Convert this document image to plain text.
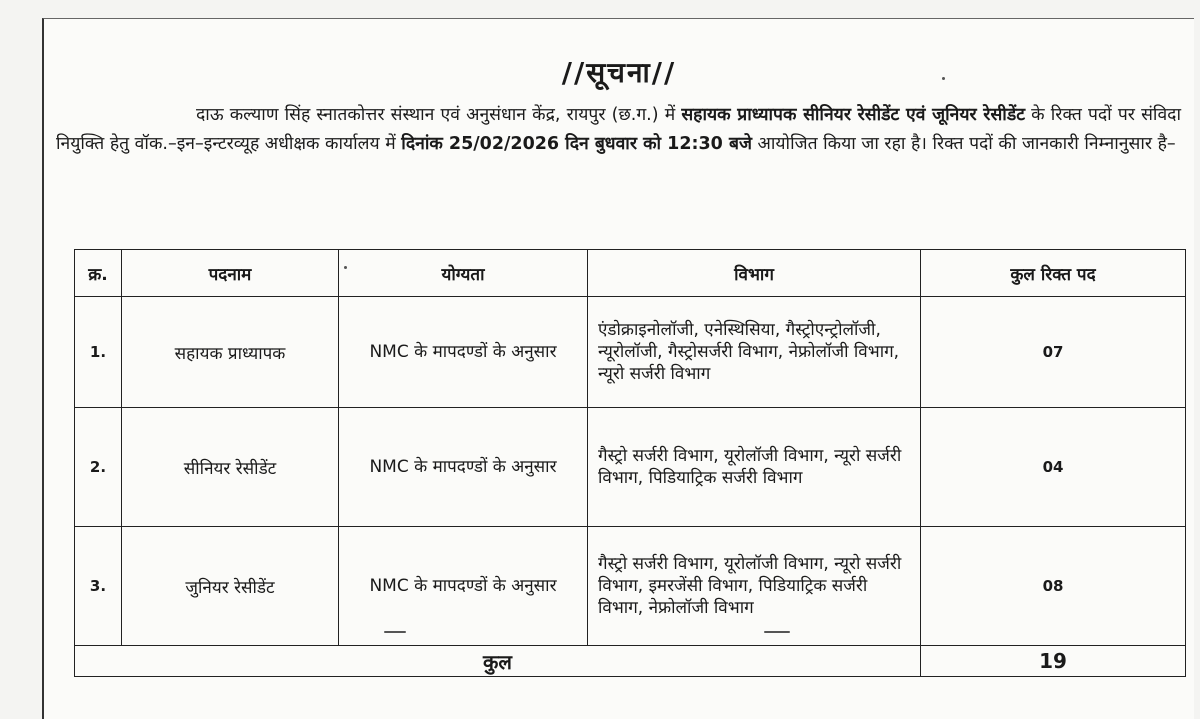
//सूचना//
दाऊ कल्याण सिंह स्नातकोत्तर संस्थान एवं अनुसंधान केंद्र, रायपुर (छ.ग.) में सहायक प्राध्यापक सीनियर रेसीडेंट एवं जूनियर रेसीडेंट के रिक्त पदों पर संविदा नियुक्ति हेतु वॉक.–इन–इन्टरव्यूह अधीक्षक कार्यालय में दिनांक 25/02/2026 दिन बुधवार को 12:30 बजे आयोजित किया जा रहा है। रिक्त पदों की जानकारी निम्नानुसार है–
क्र.	पदनाम	योग्यता	विभाग	कुल रिक्त पद
1.	सहायक प्राध्यापक	NMC के मापदण्डों के अनुसार	एंडोक्राइनोलॉजी, एनेस्थिसिया, गैस्ट्रोएन्ट्रोलॉजी, न्यूरोलॉजी, गैस्ट्रोसर्जरी विभाग, नेफ्रोलॉजी विभाग, न्यूरो सर्जरी विभाग	07
2.	सीनियर रेसीडेंट	NMC के मापदण्डों के अनुसार	गैस्ट्रो सर्जरी विभाग, यूरोलॉजी विभाग, न्यूरो सर्जरी विभाग, पिडियाट्रिक सर्जरी विभाग	04
3.	जुनियर रेसीडेंट	NMC के मापदण्डों के अनुसार	गैस्ट्रो सर्जरी विभाग, यूरोलॉजी विभाग, न्यूरो सर्जरी विभाग, इमरजेंसी विभाग, पिडियाट्रिक सर्जरी विभाग, नेफ्रोलॉजी विभाग	08
कुल				19
